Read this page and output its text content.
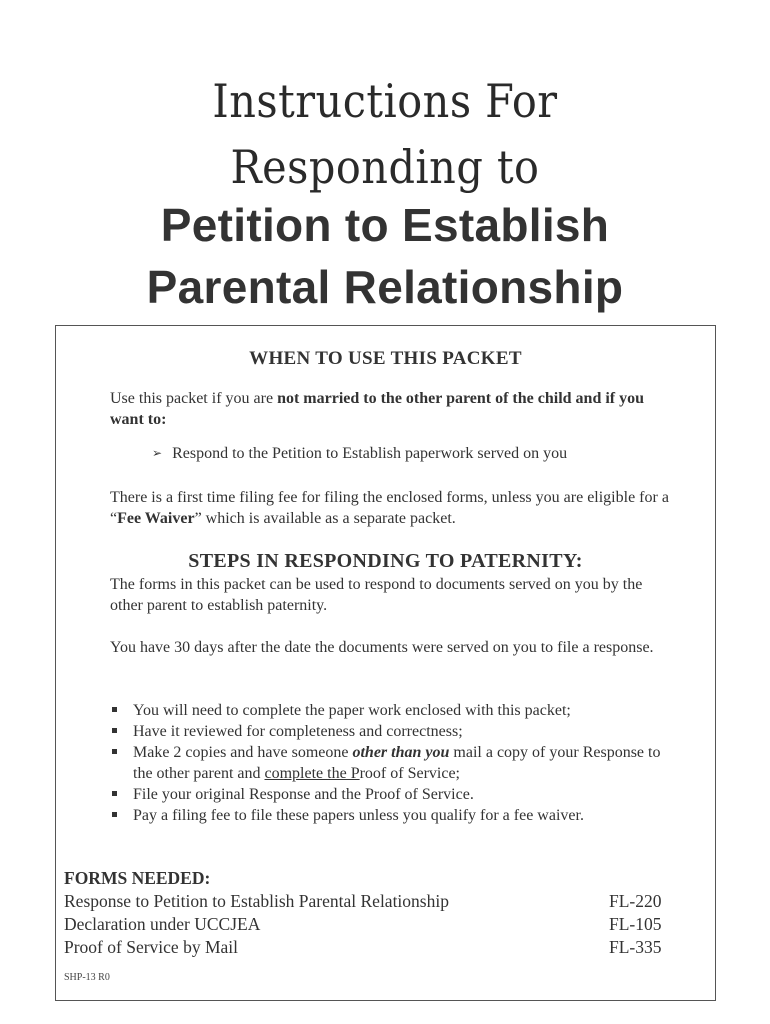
Instructions For
Responding to
Petition to Establish
Parental Relationship
WHEN TO USE THIS PACKET
Use this packet if you are not married to the other parent of the child and if you want to:
➢ Respond to the Petition to Establish paperwork served on you
There is a first time filing fee for filing the enclosed forms, unless you are eligible for a “Fee Waiver” which is available as a separate packet.
STEPS IN RESPONDING TO PATERNITY:
The forms in this packet can be used to respond to documents served on you by the other parent to establish paternity.
You have 30 days after the date the documents were served on you to file a response.
You will need to complete the paper work enclosed with this packet;
Have it reviewed for completeness and correctness;
Make 2 copies and have someone other than you mail a copy of your Response to the other parent and complete the Proof of Service;
File your original Response and the Proof of Service.
Pay a filing fee to file these papers unless you qualify for a fee waiver.
FORMS NEEDED:
Response to Petition to Establish Parental Relationship	FL-220
Declaration under UCCJEA	FL-105
Proof of Service by Mail	FL-335
SHP-13 R0
